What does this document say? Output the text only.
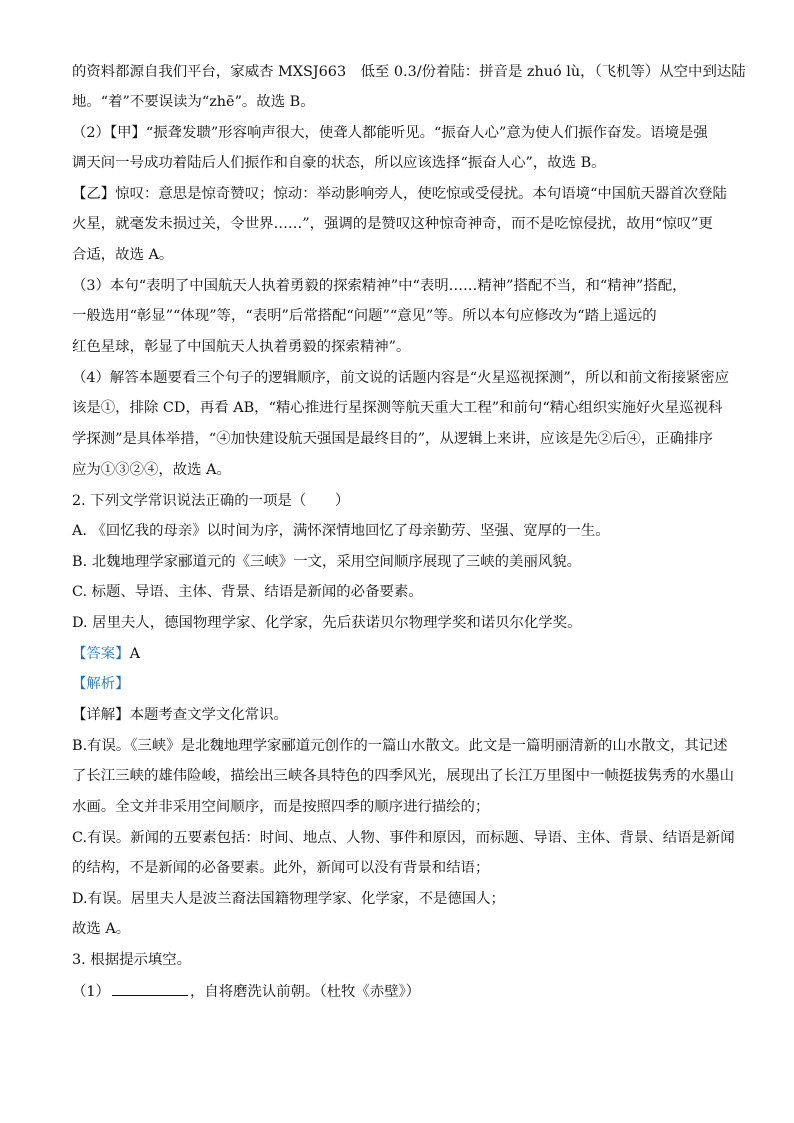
的资料都源自我们平台，家威杏 MXSJ663　低至 0.3/份着陆：拼音是 zhuó lù，（飞机等）从空中到达陆
地。“着”不要误读为“zhē”。故选 B。
（2）【甲】“振聋发聩”形容响声很大，使聋人都能听见。“振奋人心”意为使人们振作奋发。语境是强
调天问一号成功着陆后人们振作和自豪的状态，所以应该选择“振奋人心”，故选 B。
【乙】惊叹：意思是惊奇赞叹；惊动：举动影响旁人，使吃惊或受侵扰。本句语境“中国航天器首次登陆
火星，就毫发未损过关，令世界……”，强调的是赞叹这种惊奇神奇，而不是吃惊侵扰，故用“惊叹”更
合适，故选 A。
（3）本句“表明了中国航天人执着勇毅的探索精神”中“表明……精神”搭配不当，和“精神”搭配，
一般选用“彰显”“体现”等，“表明”后常搭配“问题”“意见”等。所以本句应修改为“踏上遥远的
红色星球，彰显了中国航天人执着勇毅的探索精神”。
（4）解答本题要看三个句子的逻辑顺序，前文说的话题内容是“火星巡视探测”，所以和前文衔接紧密应
该是①，排除 CD，再看 AB，“精心推进行星探测等航天重大工程”和前句“精心组织实施好火星巡视科
学探测”是具体举措，“④加快建设航天强国是最终目的”，从逻辑上来讲，应该是先②后④，正确排序
应为①③②④，故选 A。
2. 下列文学常识说法正确的一项是（　　）
A. 《回忆我的母亲》以时间为序，满怀深情地回忆了母亲勤劳、坚强、宽厚的一生。
B. 北魏地理学家郦道元的《三峡》一文，采用空间顺序展现了三峡的美丽风貌。
C. 标题、导语、主体、背景、结语是新闻的必备要素。
D. 居里夫人，德国物理学家、化学家，先后获诺贝尔物理学奖和诺贝尔化学奖。
【答案】A
【解析】
【详解】本题考查文学文化常识。
B.有误。《三峡》是北魏地理学家郦道元创作的一篇山水散文。此文是一篇明丽清新的山水散文，其记述
了长江三峡的雄伟险峻，描绘出三峡各具特色的四季风光，展现出了长江万里图中一帧挺拔隽秀的水墨山
水画。全文并非采用空间顺序，而是按照四季的顺序进行描绘的；
C.有误。新闻的五要素包括：时间、地点、人物、事件和原因，而标题、导语、主体、背景、结语是新闻
的结构，不是新闻的必备要素。此外，新闻可以没有背景和结语；
D.有误。居里夫人是波兰裔法国籍物理学家、化学家，不是德国人；
故选 A。
3. 根据提示填空。
（1）	，自将磨洗认前朝。（杜牧《赤壁》）
